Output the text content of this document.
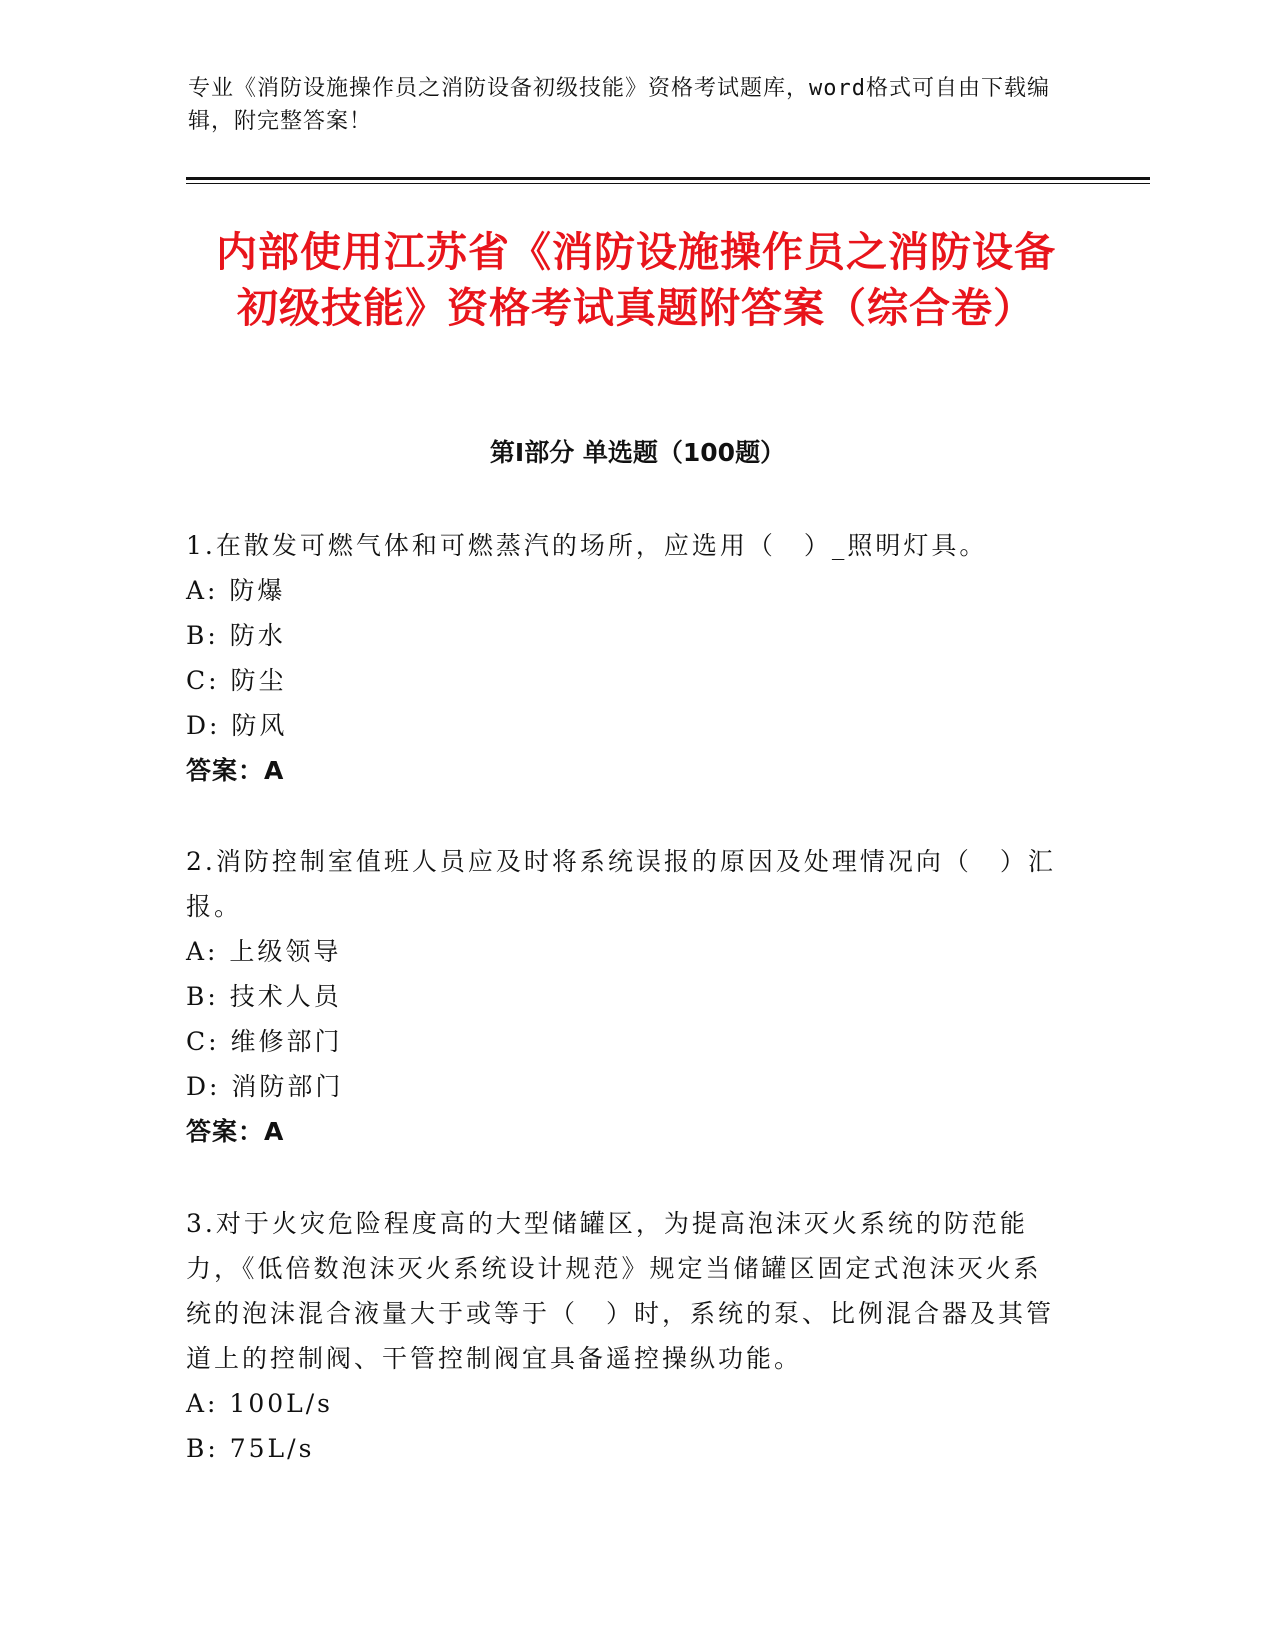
专业《消防设施操作员之消防设备初级技能》资格考试题库，word格式可自由下载编辑，附完整答案！
内部使用江苏省《消防设施操作员之消防设备初级技能》资格考试真题附答案（综合卷）
第Ⅰ部分 单选题（100题）

1.在散发可燃气体和可燃蒸汽的场所，应选用（　）_照明灯具。

A: 防爆

B: 防水

C: 防尘

D: 防风

答案：A

2.消防控制室值班人员应及时将系统误报的原因及处理情况向（　）汇报。

A: 上级领导

B: 技术人员

C: 维修部门

D: 消防部门

答案：A

3.对于火灾危险程度高的大型储罐区，为提高泡沫灭火系统的防范能力，《低倍数泡沫灭火系统设计规范》规定当储罐区固定式泡沫灭火系统的泡沫混合液量大于或等于（　）时，系统的泵、比例混合器及其管道上的控制阀、干管控制阀宜具备遥控操纵功能。

A: 100L/s

B: 75L/s
